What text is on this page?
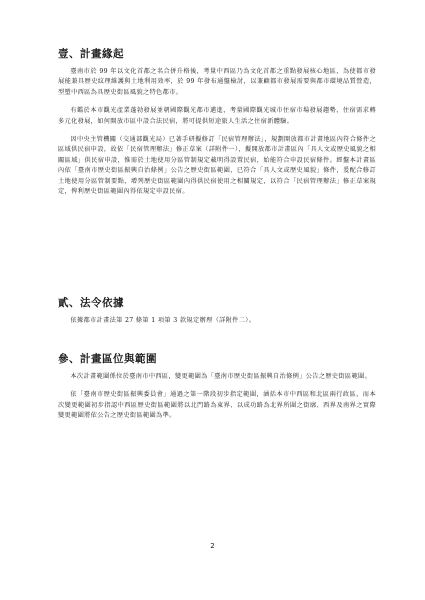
壹、計畫緣起

臺南市於 99 年以文化首都之名合併升格後，考量中西區乃為文化首都之重點發展核心地區，為使都市發展能兼具歷史紋理維護與土地利用效率，於 99 年發布通盤檢討，以兼顧都市發展需要與都市環境品質營造，型塑中西區為具歷史街區風貌之特色都市。

有鑑於本市觀光產業蓬勃發展並朝國際觀光都市邁進，考量國際觀光城市住宿市場發展趨勢，住宿需求轉多元化發展，如何開放市區中設合法民宿，將可提供短途旅人生活之住宿新體驗。

因中央主管機關（交通部觀光局）已著手研擬修訂「民宿管理辦法」，規劃開放都市計畫地區內符合條件之區域供民宿申設，故依「民宿管理辦法」修正草案（詳附件一），擬開放都市計畫區內「具人文或歷史風貌之相關區域」供民宿申設，惟需於土地使用分區管制規定載明得設置民宿，始能符合申設民宿條件。經盤本計畫區內依「臺南市歷史街區振興自治條例」公告之歷史街區範圍，已符合「具人文或歷史風貌」條件，爰配合修訂土地使用分區管制要點，增列歷史街區範圍內得供民宿使用之相關規定，以符合「民宿管理辦法」修正草案規定，俾利歷史街區範圍內得依規定申設民宿。

貳、法令依據

依據都市計畫法第 27 條第 1 項第 3 款規定辦理（詳附件二）。

參、計畫區位與範圍

本次計畫範圍係位於臺南市中西區，變更範圍為「臺南市歷史街區振興自治條例」公告之歷史街區範圍。

依「臺南市歷史街區振興委員會」通過之第一階段初步指定範圍，涵括本市中西區和北區兩行政區，而本次變更範圍初步指認中西區歷史街區範圍將以北門路為東界、以成功路為北界所圍之街廓、西界及南界之實際變更範圍將依公告之歷史街區範圍為準。

2
